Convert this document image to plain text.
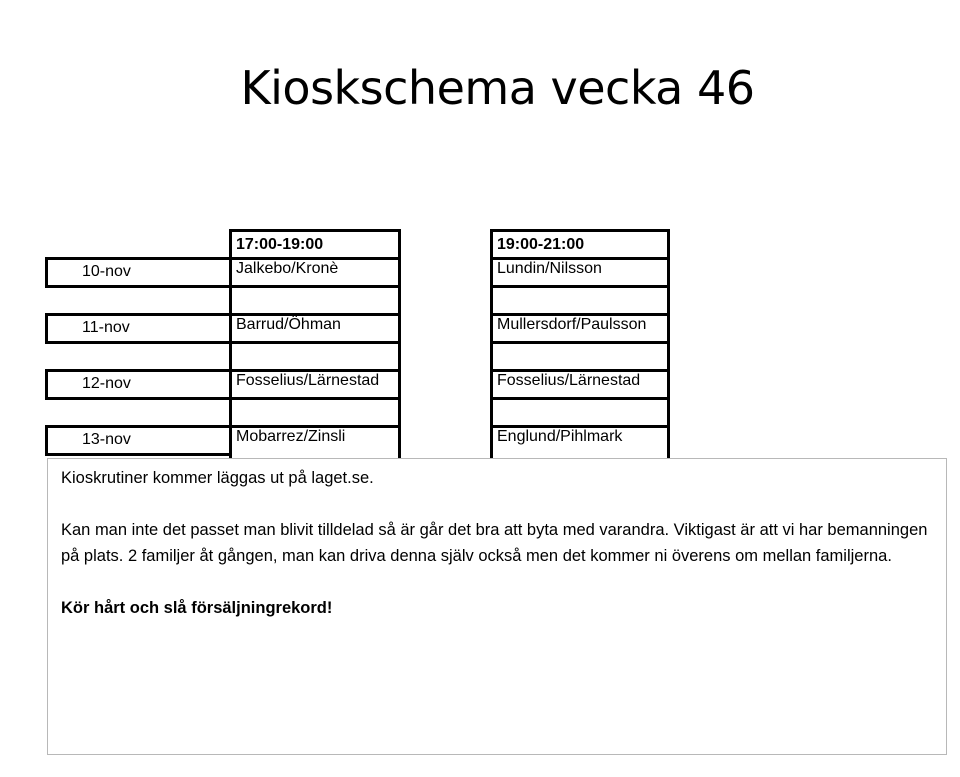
Kioskschema vecka 46
17:00-19:00	19:00-21:00
10-nov	Jalkebo/Kronè	Lundin/Nilsson
11-nov	Barrud/Öhman	Mullersdorf/Paulsson
12-nov	Fosselius/Lärnestad	Fosselius/Lärnestad
13-nov	Mobarrez/Zinsli	Englund/Pihlmark

Kioskrutiner kommer läggas ut på laget.se.

Kan man inte det passet man blivit tilldelad så är går det bra att byta med varandra. Viktigast är att vi har bemanningen på plats. 2 familjer åt gången, man kan driva denna själv också men det kommer ni överens om mellan familjerna.

Kör hårt och slå försäljningrekord!
